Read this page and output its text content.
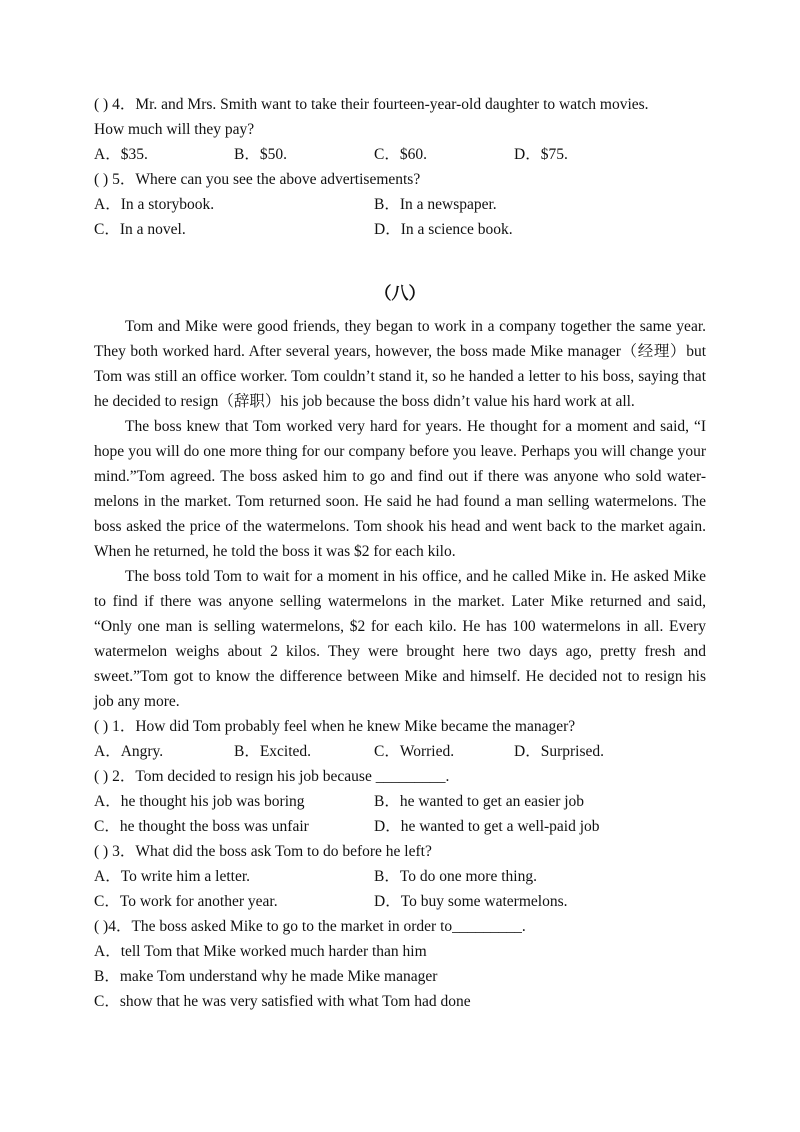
( ) 4．Mr. and Mrs. Smith want to take their fourteen-year-old daughter to watch movies.
How much will they pay?
A．$35.	B．$50.	C．$60.	D．$75.
( ) 5．Where can you see the above advertisements?
A．In a storybook.	B．In a newspaper.
C．In a novel.	D．In a science book.
（八）
Tom and Mike were good friends, they began to work in a company together the same year. They both worked hard. After several years, however, the boss made Mike manager（经理）but Tom was still an office worker. Tom couldn’t stand it, so he handed a letter to his boss, saying that he decided to resign（辞职）his job because the boss didn’t value his hard work at all.
The boss knew that Tom worked very hard for years. He thought for a moment and said, “I hope you will do one more thing for our company before you leave. Perhaps you will change your mind.”Tom agreed. The boss asked him to go and find out if there was anyone who sold water-melons in the market. Tom returned soon. He said he had found a man selling watermelons. The boss asked the price of the watermelons. Tom shook his head and went back to the market again. When he returned, he told the boss it was $2 for each kilo.
The boss told Tom to wait for a moment in his office, and he called Mike in. He asked Mike to find if there was anyone selling watermelons in the market. Later Mike returned and said, “Only one man is selling watermelons, $2 for each kilo. He has 100 watermelons in all. Every watermelon weighs about 2 kilos. They were brought here two days ago, pretty fresh and sweet.”Tom got to know the difference between Mike and himself. He decided not to resign his job any more.
( ) 1．How did Tom probably feel when he knew Mike became the manager?
A．Angry.	B．Excited.	C．Worried.	D．Surprised.
( ) 2．Tom decided to resign his job because _________.
A．he thought his job was boring	B．he wanted to get an easier job
C．he thought the boss was unfair	D．he wanted to get a well-paid job
( ) 3．What did the boss ask Tom to do before he left?
A．To write him a letter.	B．To do one more thing.
C．To work for another year.	D．To buy some watermelons.
( )4．The boss asked Mike to go to the market in order to_________.
A．tell Tom that Mike worked much harder than him
B．make Tom understand why he made Mike manager
C．show that he was very satisfied with what Tom had done
